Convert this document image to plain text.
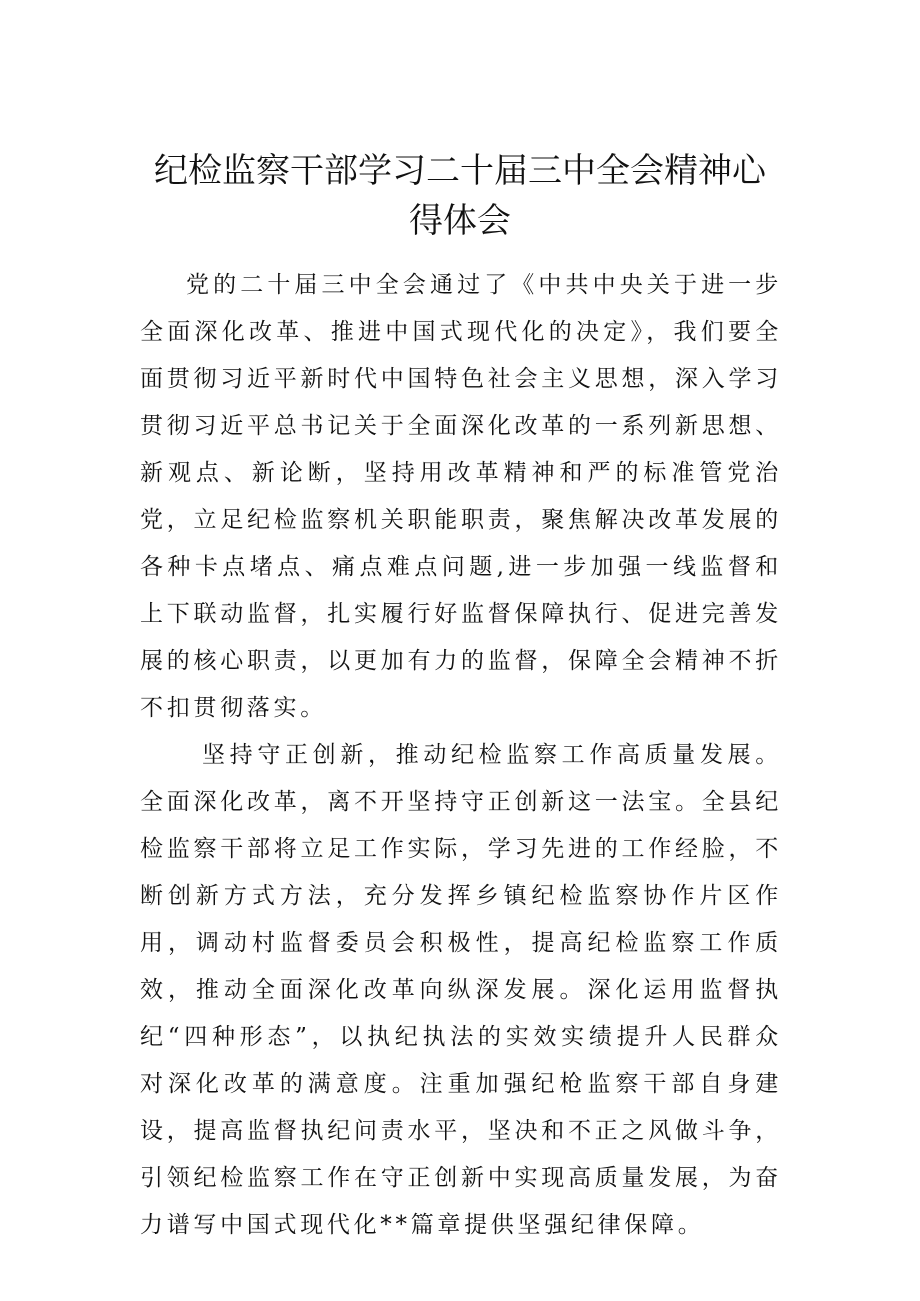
纪检监察干部学习二十届三中全会精神心得体会

党的二十届三中全会通过了《中共中央关于进一步全面深化改革、推进中国式现代化的决定》，我们要全面贯彻习近平新时代中国特色社会主义思想，深入学习贯彻习近平总书记关于全面深化改革的一系列新思想、新观点、新论断，坚持用改革精神和严的标准管党治党，立足纪检监察机关职能职责，聚焦解决改革发展的各种卡点堵点、痛点难点问题,进一步加强一线监督和上下联动监督，扎实履行好监督保障执行、促进完善发展的核心职责，以更加有力的监督，保障全会精神不折不扣贯彻落实。

坚持守正创新，推动纪检监察工作高质量发展。全面深化改革，离不开坚持守正创新这一法宝。全县纪检监察干部将立足工作实际，学习先进的工作经脸，不断创新方式方法，充分发挥乡镇纪检监察协作片区作用，调动村监督委员会积极性，提高纪检监察工作质效，推动全面深化改革向纵深发展。深化运用监督执纪“四种形态”，以执纪执法的实效实绩提升人民群众对深化改革的满意度。注重加强纪枪监察干部自身建设，提高监督执纪问责水平，坚决和不正之风做斗争，引领纪检监察工作在守正创新中实现高质量发展，为奋力谱写中国式现代化**篇章提供坚强纪律保障。
